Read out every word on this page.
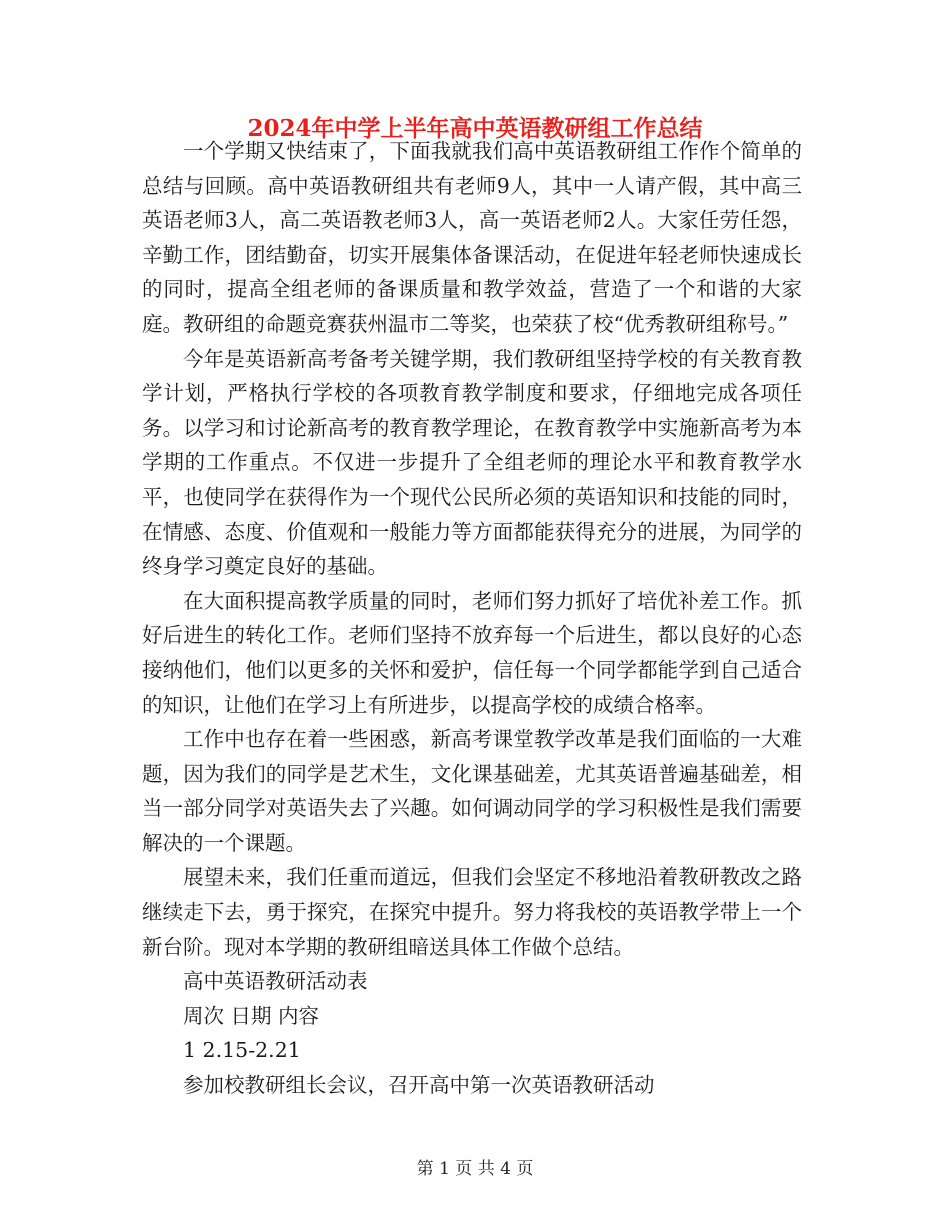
2024年中学上半年高中英语教研组工作总结

一个学期又快结束了，下面我就我们高中英语教研组工作作个简单的总结与回顾。高中英语教研组共有老师9人，其中一人请产假，其中高三英语老师3人，高二英语教老师3人，高一英语老师2人。大家任劳任怨，辛勤工作，团结勤奋，切实开展集体备课活动，在促进年轻老师快速成长的同时，提高全组老师的备课质量和教学效益，营造了一个和谐的大家庭。教研组的命题竞赛获州温市二等奖，也荣获了校“优秀教研组称号。”

今年是英语新高考备考关键学期，我们教研组坚持学校的有关教育教学计划，严格执行学校的各项教育教学制度和要求，仔细地完成各项任务。以学习和讨论新高考的教育教学理论，在教育教学中实施新高考为本学期的工作重点。不仅进一步提升了全组老师的理论水平和教育教学水平，也使同学在获得作为一个现代公民所必须的英语知识和技能的同时，在情感、态度、价值观和一般能力等方面都能获得充分的进展，为同学的终身学习奠定良好的基础。

在大面积提高教学质量的同时，老师们努力抓好了培优补差工作。抓好后进生的转化工作。老师们坚持不放弃每一个后进生，都以良好的心态接纳他们，他们以更多的关怀和爱护，信任每一个同学都能学到自己适合的知识，让他们在学习上有所进步，以提高学校的成绩合格率。

工作中也存在着一些困惑，新高考课堂教学改革是我们面临的一大难题，因为我们的同学是艺术生，文化课基础差，尤其英语普遍基础差，相当一部分同学对英语失去了兴趣。如何调动同学的学习积极性是我们需要解决的一个课题。

展望未来，我们任重而道远，但我们会坚定不移地沿着教研教改之路继续走下去，勇于探究，在探究中提升。努力将我校的英语教学带上一个新台阶。现对本学期的教研组暗送具体工作做个总结。

高中英语教研活动表

周次 日期 内容

1 2.15-2.21

参加校教研组长会议，召开高中第一次英语教研活动

第 1 页 共 4 页
